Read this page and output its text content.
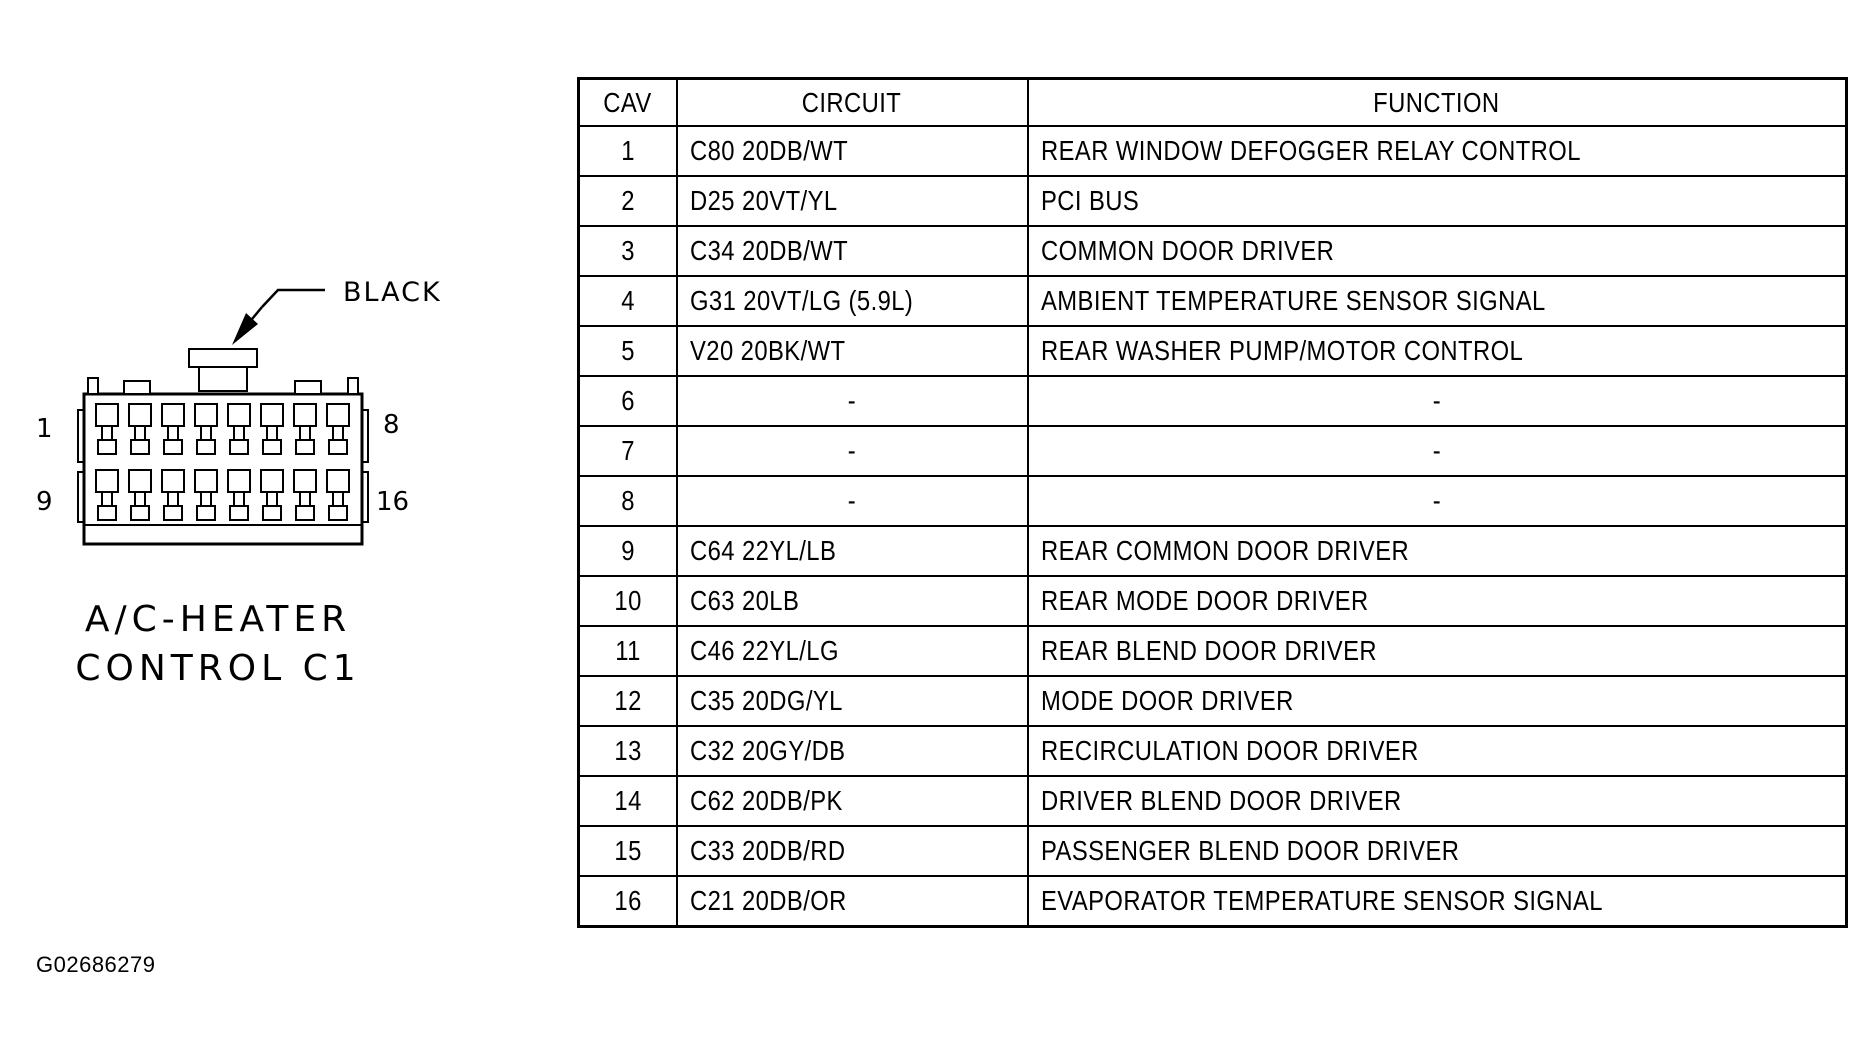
BLACK
1	8
9	16
A/C-HEATER
CONTROL C1
CAV	CIRCUIT	FUNCTION
1	C80 20DB/WT	REAR WINDOW DEFOGGER RELAY CONTROL
2	D25 20VT/YL	PCI BUS
3	C34 20DB/WT	COMMON DOOR DRIVER
4	G31 20VT/LG (5.9L)	AMBIENT TEMPERATURE SENSOR SIGNAL
5	V20 20BK/WT	REAR WASHER PUMP/MOTOR CONTROL
6	-	-
7	-	-
8	-	-
9	C64 22YL/LB	REAR COMMON DOOR DRIVER
10	C63 20LB	REAR MODE DOOR DRIVER
11	C46 22YL/LG	REAR BLEND DOOR DRIVER
12	C35 20DG/YL	MODE DOOR DRIVER
13	C32 20GY/DB	RECIRCULATION DOOR DRIVER
14	C62 20DB/PK	DRIVER BLEND DOOR DRIVER
15	C33 20DB/RD	PASSENGER BLEND DOOR DRIVER
16	C21 20DB/OR	EVAPORATOR TEMPERATURE SENSOR SIGNAL
G02686279
